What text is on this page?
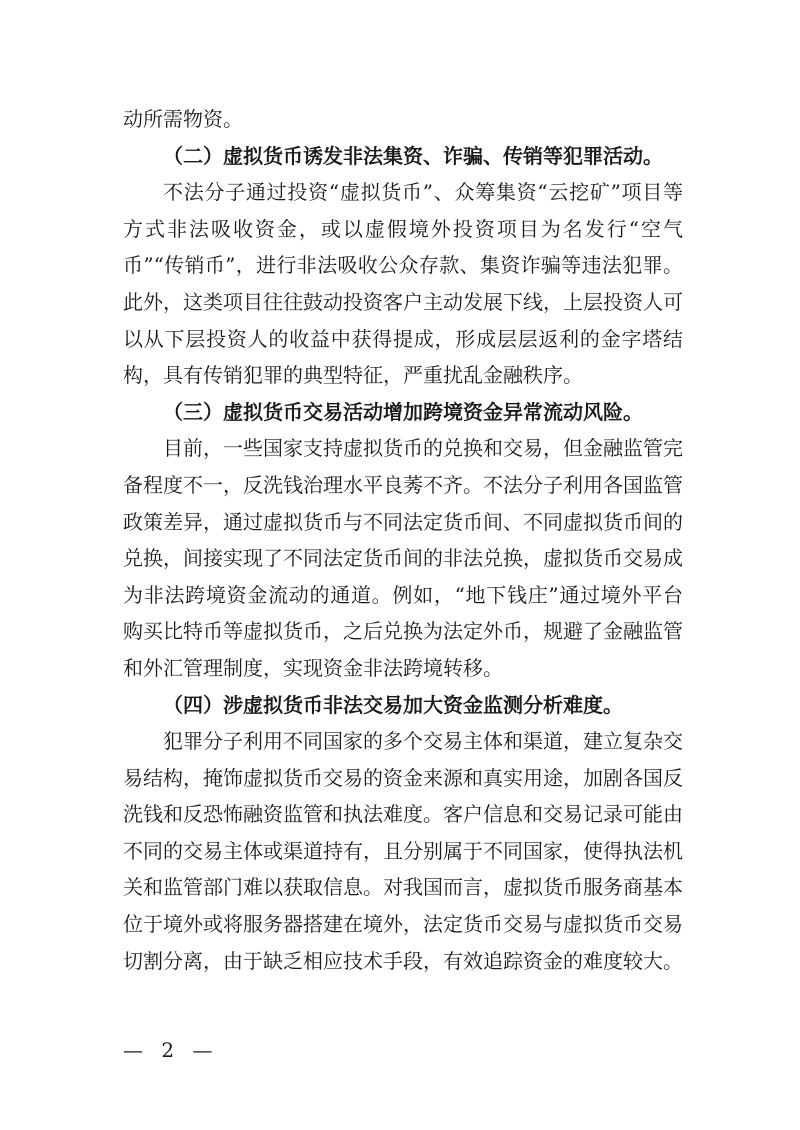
动所需物资。

（二）虚拟货币诱发非法集资、诈骗、传销等犯罪活动。

不法分子通过投资“虚拟货币”、众筹集资“云挖矿”项目等方式非法吸收资金，或以虚假境外投资项目为名发行“空气币”“传销币”，进行非法吸收公众存款、集资诈骗等违法犯罪。此外，这类项目往往鼓动投资客户主动发展下线，上层投资人可以从下层投资人的收益中获得提成，形成层层返利的金字塔结构，具有传销犯罪的典型特征，严重扰乱金融秩序。

（三）虚拟货币交易活动增加跨境资金异常流动风险。

目前，一些国家支持虚拟货币的兑换和交易，但金融监管完备程度不一，反洗钱治理水平良莠不齐。不法分子利用各国监管政策差异，通过虚拟货币与不同法定货币间、不同虚拟货币间的兑换，间接实现了不同法定货币间的非法兑换，虚拟货币交易成为非法跨境资金流动的通道。例如，“地下钱庄”通过境外平台购买比特币等虚拟货币，之后兑换为法定外币，规避了金融监管和外汇管理制度，实现资金非法跨境转移。

（四）涉虚拟货币非法交易加大资金监测分析难度。

犯罪分子利用不同国家的多个交易主体和渠道，建立复杂交易结构，掩饰虚拟货币交易的资金来源和真实用途，加剧各国反洗钱和反恐怖融资监管和执法难度。客户信息和交易记录可能由不同的交易主体或渠道持有，且分别属于不同国家，使得执法机关和监管部门难以获取信息。对我国而言，虚拟货币服务商基本位于境外或将服务器搭建在境外，法定货币交易与虚拟货币交易切割分离，由于缺乏相应技术手段，有效追踪资金的难度较大。

— 2 —
